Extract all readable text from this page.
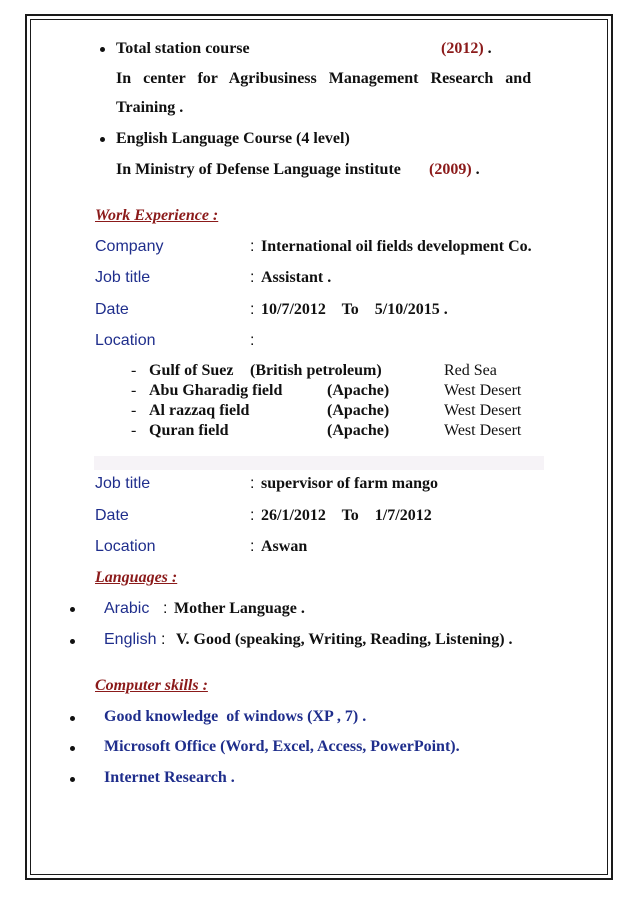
Total station course	(2012) .
In   center   for   Agribusiness   Management   Research   and
Training .
English Language Course (4 level)
In Ministry of Defense Language institute (2009) .
Work Experience :
Company	: International oil fields development Co.
Job title	: Assistant .
Date	: 10/7/2012    To    5/10/2015 .
Location	:
- Gulf of Suez (British petroleum)	Red Sea
- Abu Gharadig field	(Apache)	West Desert
- Al razzaq field	(Apache)	West Desert
- Quran field	(Apache)	West Desert
Job title	: supervisor of farm mango
Date	: 26/1/2012    To    1/7/2012
Location	: Aswan
Languages :
Arabic : Mother Language .
English : V. Good (speaking, Writing, Reading, Listening) .
Computer skills :
Good knowledge  of windows (XP , 7) .
Microsoft Office (Word, Excel, Access, PowerPoint).
Internet Research .
